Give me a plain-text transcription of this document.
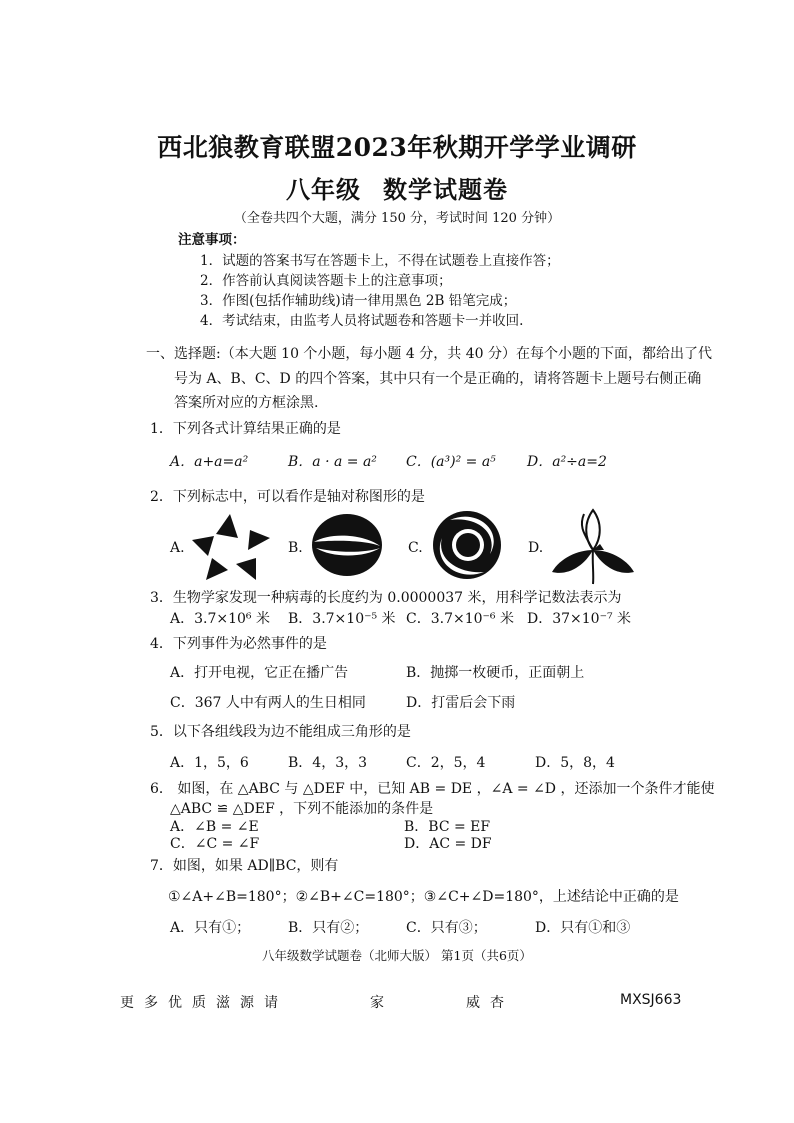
西北狼教育联盟2023年秋期开学学业调研
八年级 数学试题卷
（全卷共四个大题，满分 150 分，考试时间 120 分钟）
注意事项：
1．试题的答案书写在答题卡上，不得在试题卷上直接作答；
2．作答前认真阅读答题卡上的注意事项；
3．作图(包括作辅助线)请一律用黑色 2B 铅笔完成；
4．考试结束，由监考人员将试题卷和答题卡一并收回.
一、选择题:（本大题 10 个小题，每小题 4 分，共 40 分）在每个小题的下面，都给出了代
号为 A、B、C、D 的四个答案，其中只有一个是正确的，请将答题卡上题号右侧正确
答案所对应的方框涂黑.
1．下列各式计算结果正确的是
A．a+a=a²	B．a · a = a² C．(a³)² = a⁵ D．a²÷a=2
2．下列标志中，可以看作是轴对称图形的是
A.	B.	C.	D.
3．生物学家发现一种病毒的长度约为 0.0000037 米，用科学记数法表示为
A．3.7×10⁶ 米 B．3.7×10⁻⁵ 米 C．3.7×10⁻⁶ 米 D．37×10⁻⁷ 米
4．下列事件为必然事件的是
A．打开电视，它正在播广告	B．抛掷一枚硬币，正面朝上
C．367 人中有两人的生日相同	D．打雷后会下雨
5．以下各组线段为边不能组成三角形的是
A．1，5，6	B．4，3，3	C．2，5，4	D．5，8，4
6． 如图，在 △ABC 与 △DEF 中，已知 AB = DE ，∠A = ∠D ，还添加一个条件才能使
△ABC ≌ △DEF ，下列不能添加的条件是
A．∠B = ∠E	B．BC = EF
C．∠C = ∠F	D．AC = DF
7．如图，如果 AD∥BC，则有
①∠A+∠B=180°；②∠B+∠C=180°；③∠C+∠D=180°，上述结论中正确的是
A．只有①；	B．只有②；	C．只有③；	D．只有①和③
八年级数学试题卷（北师大版） 第1页（共6页）
更多优质滋源请	家	威杏	MXSJ663
